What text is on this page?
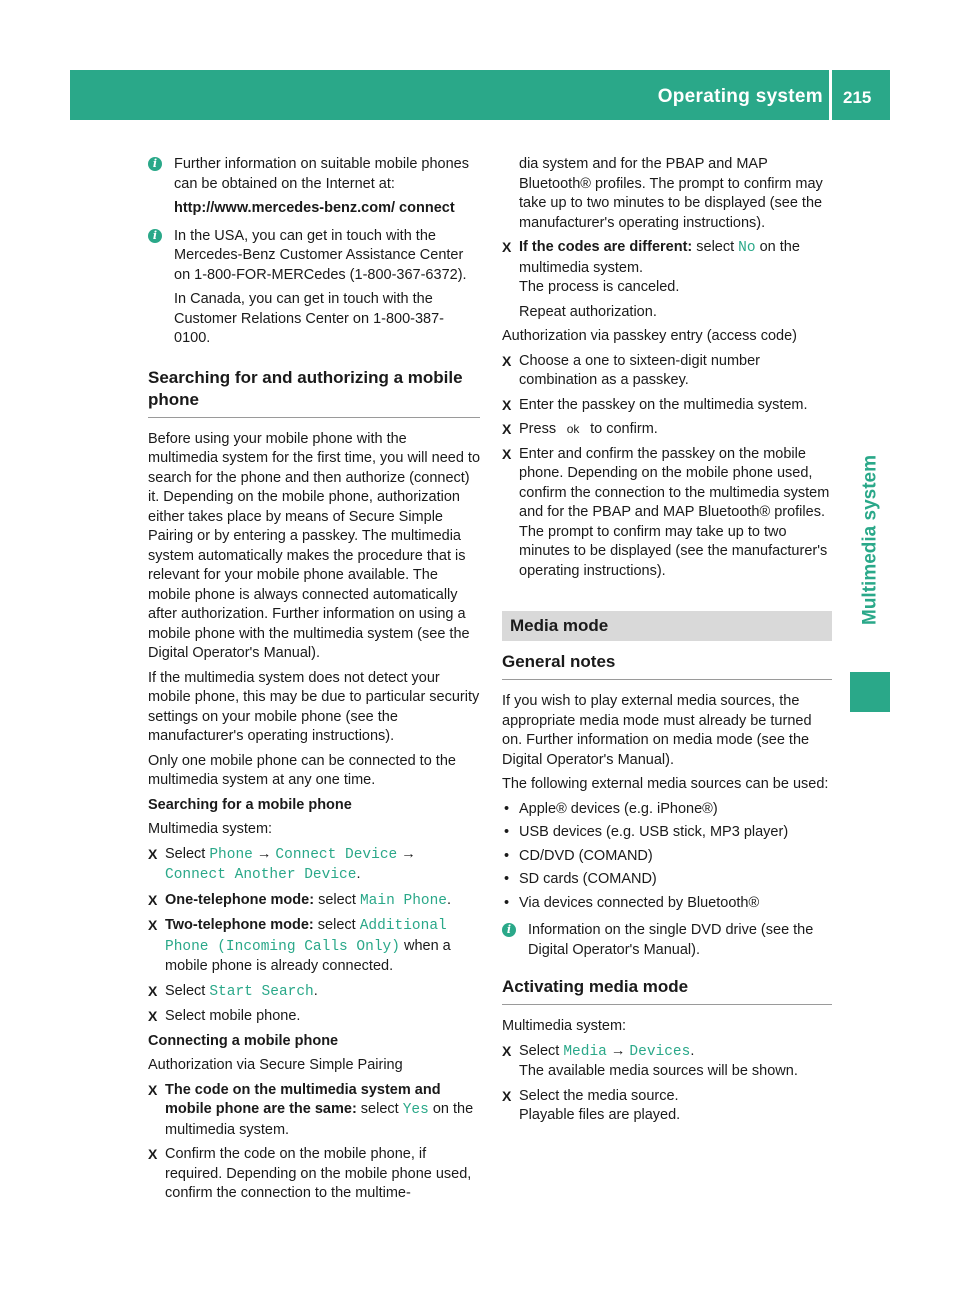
Operating system 215
Multimedia system
i	Further information on suitable mobile phones can be obtained on the Internet at:

http://www.mercedes-benz.com/ connect

i	In the USA, you can get in touch with the Mercedes-Benz Customer Assistance Center on 1-800-FOR-MERCedes (1-800-367-6372).

In Canada, you can get in touch with the Customer Relations Center on 1-800-387-0100.

Searching for and authorizing a mobile phone

Before using your mobile phone with the multimedia system for the first time, you will need to search for the phone and then authorize (connect) it. Depending on the mobile phone, authorization either takes place by means of Secure Simple Pairing or by entering a passkey. The multimedia system automatically makes the procedure that is relevant for your mobile phone available. The mobile phone is always connected automatically after authorization. Further information on using a mobile phone with the multimedia system (see the Digital Operator's Manual).

If the multimedia system does not detect your mobile phone, this may be due to particular security settings on your mobile phone (see the manufacturer's operating instructions).

Only one mobile phone can be connected to the multimedia system at any one time.

Searching for a mobile phone

Multimedia system:

X Select Phone → Connect Device → Connect Another Device.
X One-telephone mode: select Main Phone.
X Two-telephone mode: select Additional Phone (Incoming Calls Only) when a mobile phone is already connected.
X Select Start Search.
X Select mobile phone.

Connecting a mobile phone

Authorization via Secure Simple Pairing

X The code on the multimedia system and mobile phone are the same: select Yes on the multimedia system.
X Confirm the code on the mobile phone, if required. Depending on the mobile phone used, confirm the connection to the multime-

dia system and for the PBAP and MAP Bluetooth® profiles. The prompt to confirm may take up to two minutes to be displayed (see the manufacturer's operating instructions).

X If the codes are different: select No on the multimedia system.
The process is canceled.

Repeat authorization.

Authorization via passkey entry (access code)

X Choose a one to sixteen-digit number combination as a passkey.
X Enter the passkey on the multimedia system.
X Press ok to confirm.
X Enter and confirm the passkey on the mobile phone. Depending on the mobile phone used, confirm the connection to the multimedia system and for the PBAP and MAP Bluetooth® profiles. The prompt to confirm may take up to two minutes to be displayed (see the manufacturer's operating instructions).
Media mode
General notes

If you wish to play external media sources, the appropriate media mode must already be turned on. Further information on media mode (see the Digital Operator's Manual).

The following external media sources can be used:

• Apple® devices (e.g. iPhone®)
• USB devices (e.g. USB stick, MP3 player)
• CD/DVD (COMAND)
• SD cards (COMAND)
• Via devices connected by Bluetooth®
i	Information on the single DVD drive (see the Digital Operator's Manual).

Activating media mode

Multimedia system:

X Select Media → Devices.
The available media sources will be shown.
X Select the media source.
Playable files are played.
